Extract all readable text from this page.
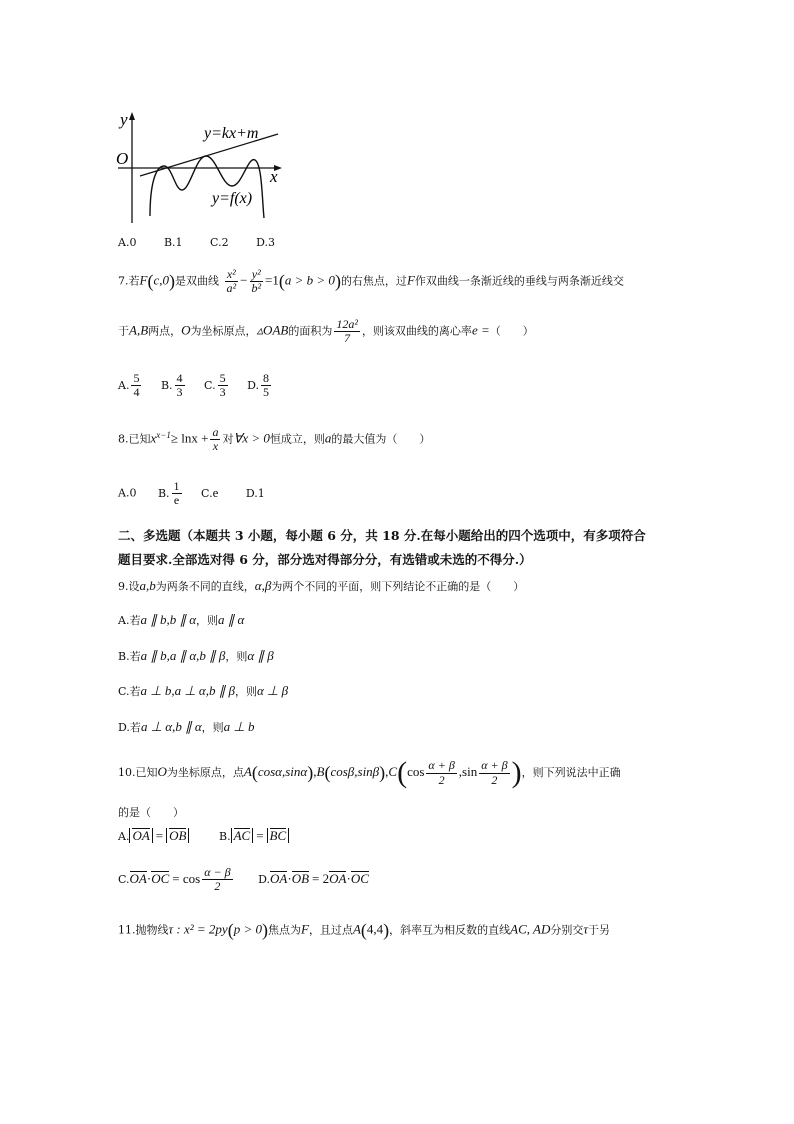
y
x
O
y=kx+m
y=f(x)
A.0	B.1	C.2	D.3
7.若F(c,0)是双曲线 $\frac{\text{x²}}{\text{a²}} - \frac{\text{y²}}{\text{b²}} =1(a > b > 0)$的右焦点，过F作双曲线一条渐近线的垂线与两条渐近线交
于A,B两点，O为坐标原点，▵OAB的面积为 $\frac{\text{12a²}}{7}$ ，则该双曲线的离心率e =（　　）
A. $\frac{5}{4} B$. $\frac{4}{3} C$. $\frac{5}{3} D$. $\frac{8}{5}$
8.已知$x^{x-1}\ge \ln x + \frac{a}{x}$ 对∀x > 0恒成立，则a的最大值为（　　）
A.0 B. $\frac{1}{e} C.e$	D.1
二、多选题（本题共 3 小题，每小题 6 分，共 18 分.在每小题给出的四个选项中，有多项符合
题目要求.全部选对得 6 分，部分选对得部分分，有选错或未选的不得分.）
9.设a,b为两条不同的直线，α,β为两个不同的平面，则下列结论不正确的是（　　）
A.若a ∥ b,b ∥ α，则a ∥ α
B.若a ∥ b,a ∥ α,b ∥ β，则α ∥ β
C.若a ⊥ b,a ⊥ α,b ∥ β，则α ⊥ β
D.若a ⊥ α,b ∥ α，则a ⊥ b
10.已知O为坐标原点，点$A(\cos\alpha,\sin\alpha),B(\cos\beta,\sin\beta),C(\cos \frac{\alpha + \beta}{2} ,\sin \frac{\alpha + \beta}{2}$ )，则下列说法中正确
的是（　　）
A. OA = OB	B. AC = BC
$C.OA\cdot OC = \cos \frac{\alpha - \beta}{2} D.OA\cdot OB = 2OA\cdot OC$
11.抛物线τ : x² = 2py(p > 0)焦点为F，且过点A(4,4)，斜率互为相反数的直线AC, AD分别交τ于另
